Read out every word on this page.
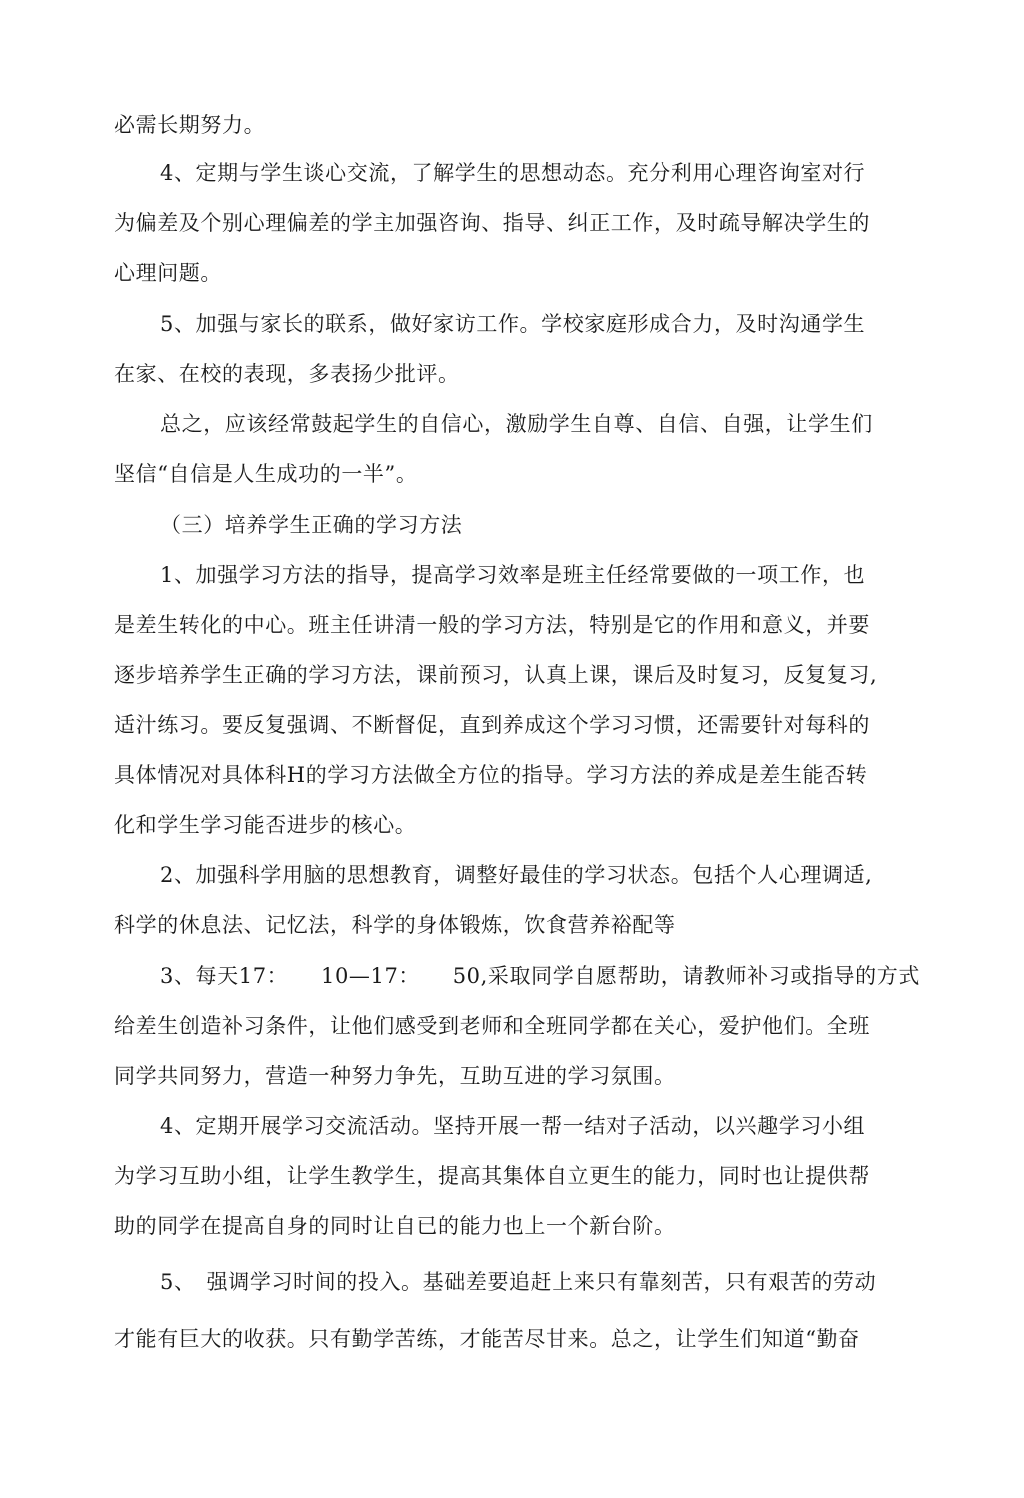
必需长期努力。

4、定期与学生谈心交流，了解学生的思想动态。充分利用心理咨询室对行

为偏差及个别心理偏差的学主加强咨询、指导、纠正工作，及时疏导解决学生的

心理问题。

5、加强与家长的联系，做好家访工作。学校家庭形成合力，及时沟通学生

在家、在校的表现，多表扬少批评。

总之，应该经常鼓起学生的自信心，激励学生自尊、自信、自强，让学生们

坚信“自信是人生成功的一半”。

（三）培养学生正确的学习方法

1、加强学习方法的指导，提高学习效率是班主任经常要做的一项工作，也

是差生转化的中心。班主任讲清一般的学习方法，特别是它的作用和意义，并要

逐步培养学生正确的学习方法，课前预习，认真上课，课后及时复习，反复复习,

适汁练习。要反复强调、不断督促，直到养成这个学习习惯，还需要针对每科的

具体情况对具体科H的学习方法做全方位的指导。学习方法的养成是差生能否转

化和学生学习能否进步的核心。

2、加强科学用脑的思想教育，调整好最佳的学习状态。包括个人心理调适,

科学的休息法、记忆法，科学的身体锻炼，饮食营养裕配等

3、每天17：　　10—17：　　50,采取同学自愿帮助，请教师补习或指导的方式

给差生创造补习条件，让他们感受到老师和全班同学都在关心，爱护他们。全班

同学共同努力，营造一种努力争先，互助互进的学习氛围。

4、定期开展学习交流活动。坚持开展一帮一结对子活动，以兴趣学习小组

为学习互助小组，让学生教学生，提高其集体自立更生的能力，同时也让提供帮

助的同学在提高自身的同时让自已的能力也上一个新台阶。

5、　强调学习时间的投入。基础差要追赶上来只有靠刻苦，只有艰苦的劳动

才能有巨大的收获。只有勤学苦练，才能苦尽甘来。总之，让学生们知道“勤奋
